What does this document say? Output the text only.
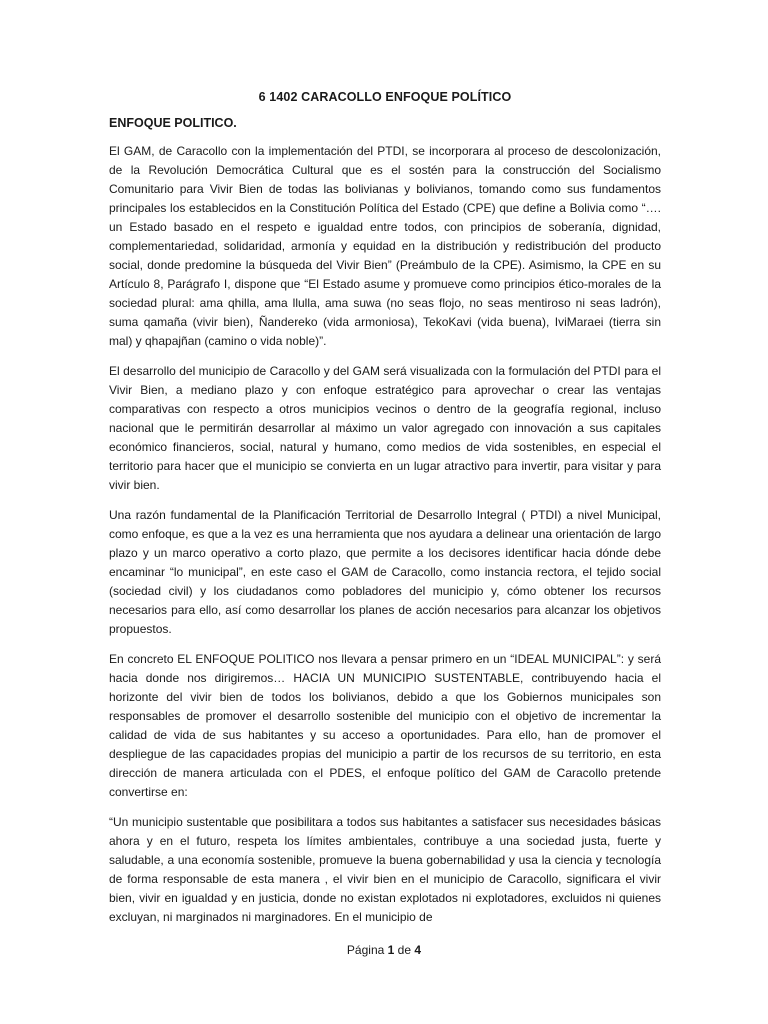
6 1402 CARACOLLO ENFOQUE POLÍTICO
ENFOQUE POLITICO.

El GAM, de Caracollo con la implementación del PTDI, se incorporara al proceso de descolonización, de la Revolución Democrática Cultural que es el sostén para la construcción del Socialismo Comunitario para Vivir Bien de todas las bolivianas y bolivianos, tomando como sus fundamentos principales los establecidos en la Constitución Política del Estado (CPE) que define a Bolivia como “…. un Estado basado en el respeto e igualdad entre todos, con principios de soberanía, dignidad, complementariedad, solidaridad, armonía y equidad en la distribución y redistribución del producto social, donde predomine la búsqueda del Vivir Bien” (Preámbulo de la CPE). Asimismo, la CPE en su Artículo 8, Parágrafo I, dispone que “El Estado asume y promueve como principios ético-morales de la sociedad plural: ama qhilla, ama llulla, ama suwa (no seas flojo, no seas mentiroso ni seas ladrón), suma qamaña (vivir bien), Ñandereko (vida armoniosa), TekoKavi (vida buena), IviMaraei (tierra sin mal) y qhapajñan (camino o vida noble)”.

El desarrollo del municipio de Caracollo y del GAM será visualizada con la formulación del PTDI para el Vivir Bien, a mediano plazo y con enfoque estratégico para aprovechar o crear las ventajas comparativas con respecto a otros municipios vecinos o dentro de la geografía regional, incluso nacional que le permitirán desarrollar al máximo un valor agregado con innovación a sus capitales económico financieros, social, natural y humano, como medios de vida sostenibles, en especial el territorio para hacer que el municipio se convierta en un lugar atractivo para invertir, para visitar y para vivir bien.

Una razón fundamental de la Planificación Territorial de Desarrollo Integral ( PTDI) a nivel Municipal, como enfoque, es que a la vez es una herramienta que nos ayudara a delinear una orientación de largo plazo y un marco operativo a corto plazo, que permite a los decisores identificar hacia dónde debe encaminar “lo municipal”, en este caso el GAM de Caracollo, como instancia rectora, el tejido social (sociedad civil) y los ciudadanos como pobladores del municipio y, cómo obtener los recursos necesarios para ello, así como desarrollar los planes de acción necesarios para alcanzar los objetivos propuestos.

En concreto EL ENFOQUE POLITICO nos llevara a pensar primero en un “IDEAL MUNICIPAL”: y será hacia donde nos dirigiremos… HACIA UN MUNICIPIO SUSTENTABLE, contribuyendo hacia el horizonte del vivir bien de todos los bolivianos, debido a que los Gobiernos municipales son responsables de promover el desarrollo sostenible del municipio con el objetivo de incrementar la calidad de vida de sus habitantes y su acceso a oportunidades. Para ello, han de promover el despliegue de las capacidades propias del municipio a partir de los recursos de su territorio, en esta dirección de manera articulada con el PDES, el enfoque político del GAM de Caracollo pretende convertirse en:

“Un municipio sustentable que posibilitara a todos sus habitantes a satisfacer sus necesidades básicas ahora y en el futuro, respeta los límites ambientales, contribuye a una sociedad justa, fuerte y saludable, a una economía sostenible, promueve la buena gobernabilidad y usa la ciencia y tecnología de forma responsable de esta manera , el vivir bien en el municipio de Caracollo, significara el vivir bien, vivir en igualdad y en justicia, donde no existan explotados ni explotadores, excluidos ni quienes excluyan, ni marginados ni marginadores. En el municipio de

Página 1 de 4
